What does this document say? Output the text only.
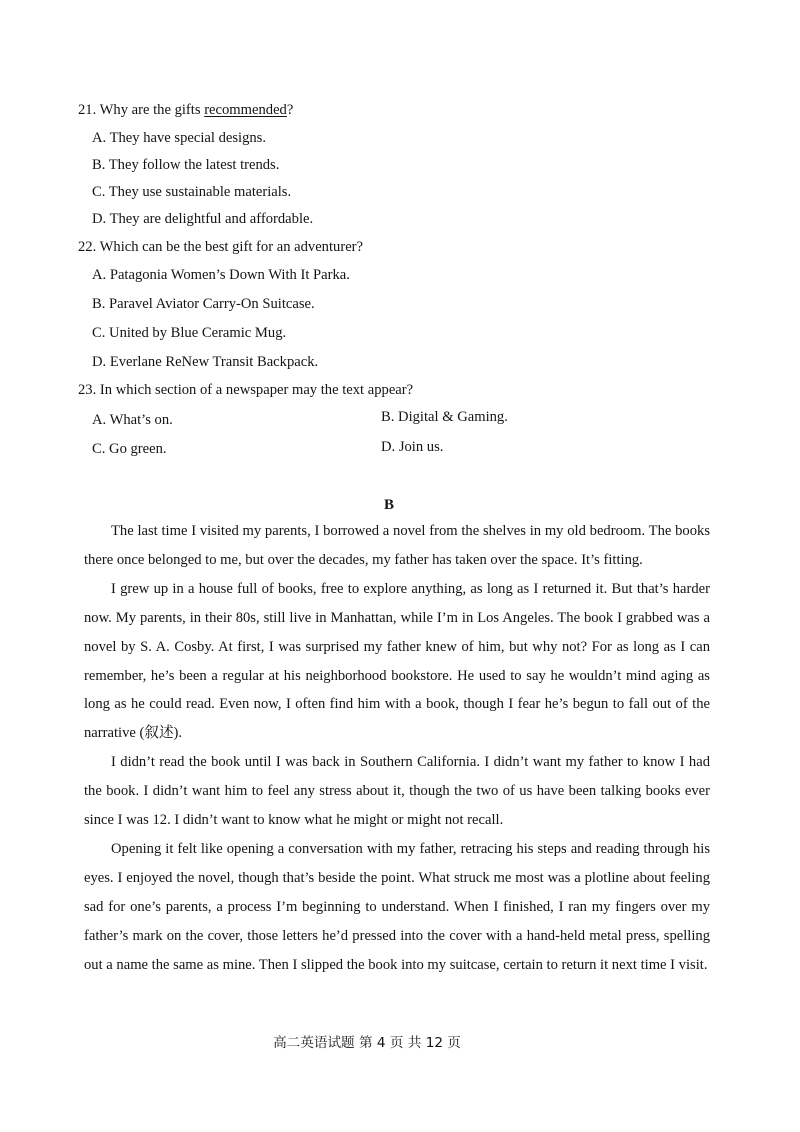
21. Why are the gifts recommended?
A. They have special designs.
B. They follow the latest trends.
C. They use sustainable materials.
D. They are delightful and affordable.
22. Which can be the best gift for an adventurer?
A. Patagonia Women’s Down With It Parka.
B. Paravel Aviator Carry-On Suitcase.
C. United by Blue Ceramic Mug.
D. Everlane ReNew Transit Backpack.
23. In which section of a newspaper may the text appear?
A. What’s on.	B. Digital & Gaming.
C. Go green.	D. Join us.
B

The last time I visited my parents, I borrowed a novel from the shelves in my old bedroom. The books there once belonged to me, but over the decades, my father has taken over the space. It’s fitting.

I grew up in a house full of books, free to explore anything, as long as I returned it. But that’s harder now. My parents, in their 80s, still live in Manhattan, while I’m in Los Angeles. The book I grabbed was a novel by S. A. Cosby. At first, I was surprised my father knew of him, but why not? For as long as I can remember, he’s been a regular at his neighborhood bookstore. He used to say he wouldn’t mind aging as long as he could read. Even now, I often find him with a book, though I fear he’s begun to fall out of the narrative (叙述).

I didn’t read the book until I was back in Southern California. I didn’t want my father to know I had the book. I didn’t want him to feel any stress about it, though the two of us have been talking books ever since I was 12. I didn’t want to know what he might or might not recall.

Opening it felt like opening a conversation with my father, retracing his steps and reading through his eyes. I enjoyed the novel, though that’s beside the point. What struck me most was a plotline about feeling sad for one’s parents, a process I’m beginning to understand. When I finished, I ran my fingers over my father’s mark on the cover, those letters he’d pressed into the cover with a hand-held metal press, spelling out a name the same as mine. Then I slipped the book into my suitcase, certain to return it next time I visit.

高二英语试题 第 4 页 共 12 页
